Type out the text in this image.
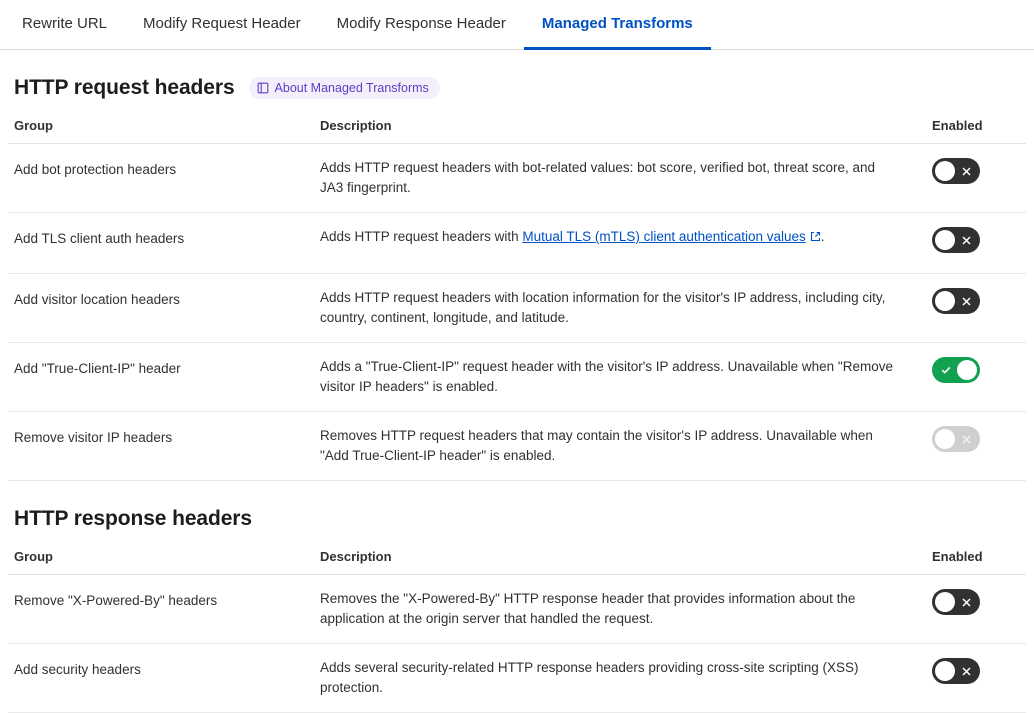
Rewrite URL Modify Request Header Modify Response Header Managed Transforms
HTTP request headers	About Managed Transforms
Group	Description	Enabled
Add bot protection headers	Adds HTTP request headers with bot-related values: bot score, verified bot, threat score, and JA3 fingerprint.	

Add TLS client auth headers	Adds HTTP request headers with Mutual TLS (mTLS) client authentication values .	

Add visitor location headers	Adds HTTP request headers with location information for the visitor's IP address, including city, country, continent, longitude, and latitude.	

Add "True-Client-IP" header	Adds a "True-Client-IP" request header with the visitor's IP address. Unavailable when "Remove visitor IP headers" is enabled.	

Remove visitor IP headers	Removes HTTP request headers that may contain the visitor's IP address. Unavailable when "Add True-Client-IP header" is enabled.	
HTTP response headers
Group	Description	Enabled
Remove "X-Powered-By" headers	Removes the "X-Powered-By" HTTP response header that provides information about the application at the origin server that handled the request.	

Add security headers	Adds several security-related HTTP response headers providing cross-site scripting (XSS) protection.	
